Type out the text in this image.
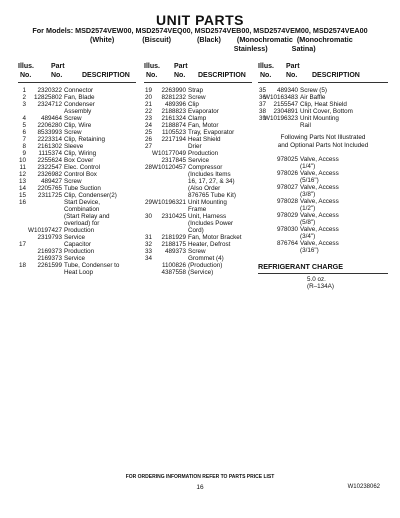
UNIT PARTS
For Models: MSD2574VEW00, MSD2574VEQ00, MSD2574VEB00, MSD2574VEM00, MSD2574VEA00
(White)              (Biscuit)             (Black)        (Monochromatic  (Monochromatic
Stainless)            Satina)
Illus.
No.
Part
No.	DESCRIPTION
Illus.
No.
Part
No. DESCRIPTION
Illus.
No.
Part
No. DESCRIPTION
1	2320322 Connector
2	12825802 Fan, Blade
3	2324712 Condenser
Assembly
4	489464 Screw
5	2206280 Clip, Wire
6	8533993 Screw
7	2223314 Clip, Retaining
8	2161302 Sleeve
9	1115374 Clip, Wiring
10	2255624 Box Cover
11	2322547 Elec. Control
12	2326982 Control Box
13	489427 Screw
14	2205765 Tube Suction
15	2311725 Clip, Condenser(2)
16	Start Device,
Combination
(Start Relay and
overload) for
W10197427 Production
2319793 Service
17	Capacitor
2169373 Production
2169373 Service
18	2261599 Tube, Condenser to
Heat Loop
19	2263990 Strap
20	8281232 Screw
21	489396 Clip
22	2188823 Evaporator
23	2161324 Clamp
24	2188874 Fan, Motor
25	1105523 Tray, Evaporator
26	2217194 Heat Shield
27	Drier
W10177049 Production
2317845 Service
28 W10120457 Compressor
(Includes Items
16, 17, 27, & 34)
(Also Order
876765 Tube Kit)
29 W10196321 Unit Mounting
Frame
30	2310425 Unit, Harness
(Includes Power
Cord)
31	2181929 Fan, Motor Bracket
32	2188175 Heater, Defrost
33	489373 Screw
34	Grommet (4)
1100826 (Production)
4387558 (Service)
35	489340 Screw (5)
36
W10163483 Air Baffle
37	2155547 Clip, Heat Shield
38	2304891 Unit Cover, Bottom
39
W10196323 Unit Mounting
Rail
Following Parts Not Illustrated
and Optional Parts Not Included
978025 Valve, Access
(1/4")
978026 Valve, Access
(5/16")
978027 Valve, Access
(3/8")
978028 Valve, Access
(1/2")
978029 Valve, Access
(5/8")
978030 Valve, Access
(3/4")
876764 Valve, Access
(3/16")
REFRIGERANT CHARGE
5.0 oz.
(R–134A)
FOR ORDERING INFORMATION REFER TO PARTS PRICE LIST
16	W10238062
